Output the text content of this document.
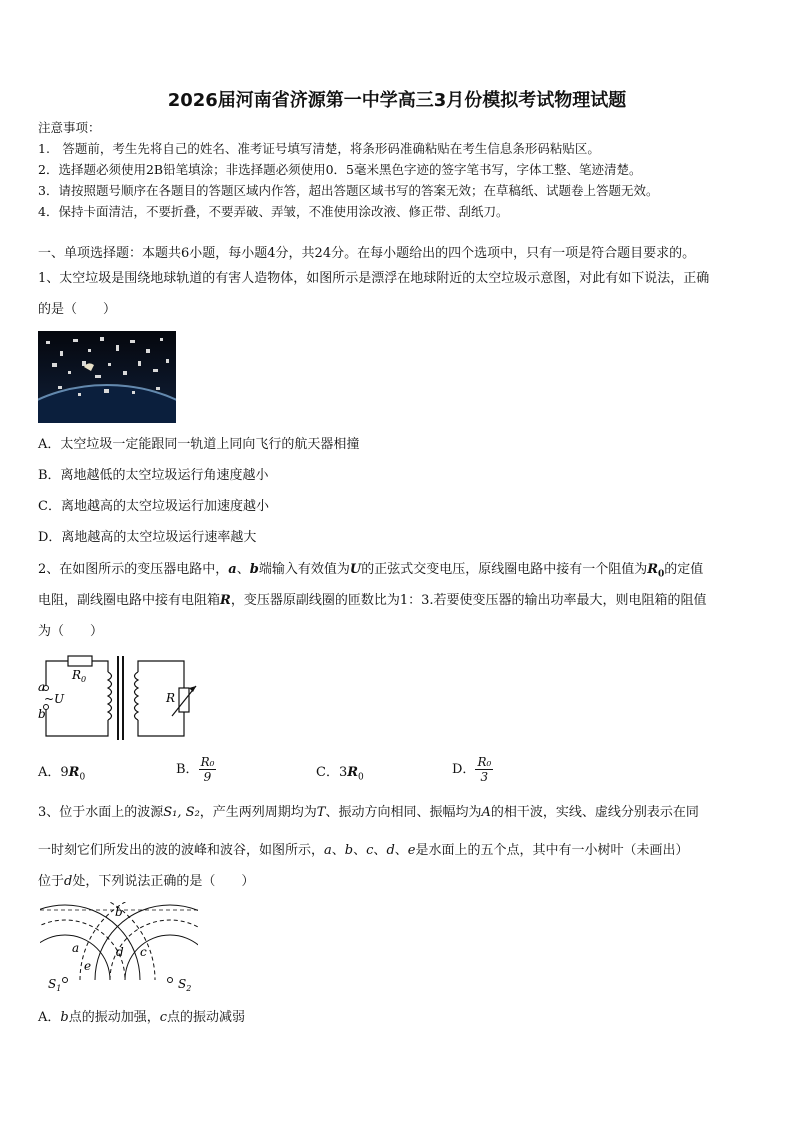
2026届河南省济源第一中学高三3月份模拟考试物理试题
注意事项：
1.　答题前，考生先将自己的姓名、准考证号填写清楚，将条形码准确粘贴在考生信息条形码粘贴区。
2．选择题必须使用2B铅笔填涂；非选择题必须使用0．5毫米黑色字迹的签字笔书写，字体工整、笔迹清楚。
3．请按照题号顺序在各题目的答题区域内作答，超出答题区域书写的答案无效；在草稿纸、试题卷上答题无效。
4．保持卡面清洁，不要折叠，不要弄破、弄皱，不准使用涂改液、修正带、刮纸刀。
一、单项选择题：本题共6小题，每小题4分，共24分。在每小题给出的四个选项中，只有一项是符合题目要求的。
1、太空垃圾是围绕地球轨道的有害人造物体，如图所示是漂浮在地球附近的太空垃圾示意图，对此有如下说法，正确
的是（　　）
A．太空垃圾一定能跟同一轨道上同向飞行的航天器相撞
B．离地越低的太空垃圾运行角速度越小
C．离地越高的太空垃圾运行加速度越小
D．离地越高的太空垃圾运行速率越大
2、在如图所示的变压器电路中，a、b端输入有效值为U的正弦式交变电压，原线圈电路中接有一个阻值为$R_0$的定值
电阻，副线圈电路中接有电阻箱R，变压器原副线圈的匝数比为1：3.若要使变压器的输出功率最大，则电阻箱的阻值
为（　　）
$R_0$
a
b
~U	R
A．$9R_0$
B． $\frac{\text{R₀}}{9}$	C．$3R_0$
D． $\frac{\text{R₀}}{3}$
3、位于水面上的波源S₁, S₂，产生两列周期均为T、振动方向相同、振幅均为A的相干波，实线、虚线分别表示在同
一时刻它们所发出的波的波峰和波谷，如图所示，a、b、c、d、e是水面上的五个点，其中有一小树叶（未画出）
位于d处，下列说法正确的是（　　）
b
a	d c
e
$S_1$	$S_2$
A．b点的振动加强，c点的振动减弱
